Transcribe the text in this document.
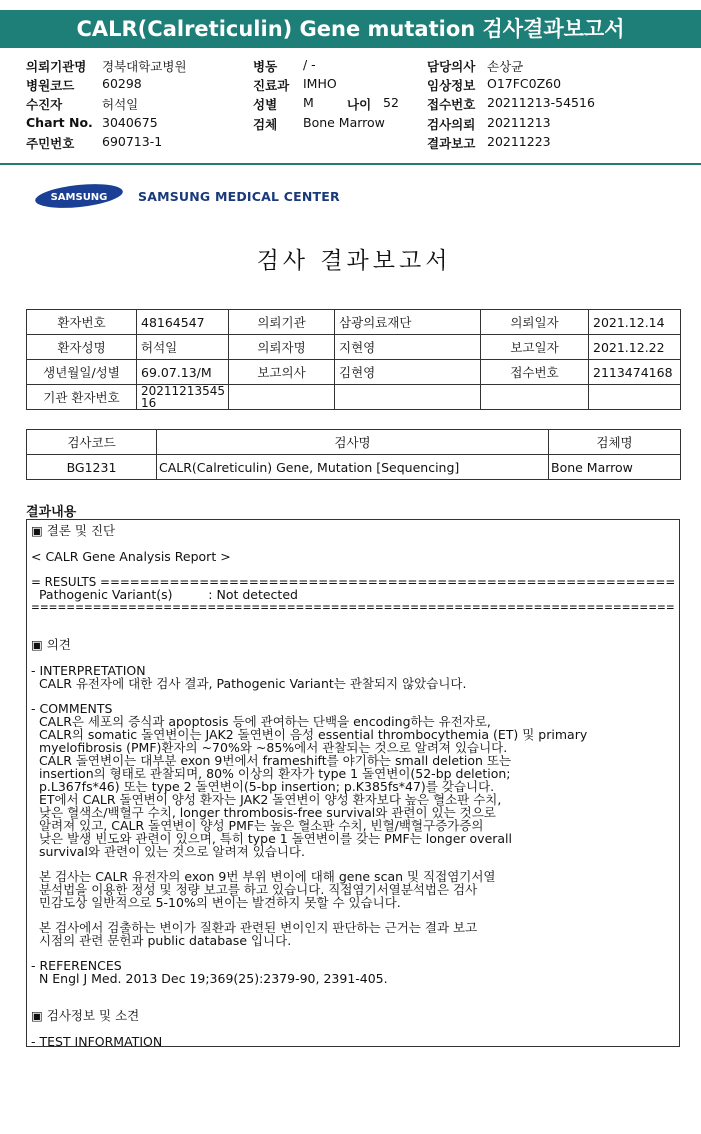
CALR(Calreticulin) Gene mutation 검사결과보고서
의뢰기관명 경북대학교병원
병원코드 60298
수진자	허석일
Chart No. 3040675
주민번호 690713-1
병동 / -
진료과 IMHO
성별 M	나이 52
검체 Bone Marrow
담당의사 손상균
임상정보 O17FC0Z60
접수번호 20211213-54516
검사의뢰 20211213
결과보고 20211223
SAMSUNG SAMSUNG MEDICAL CENTER
검사 결과보고서
환자번호	48164547	의뢰기관	삼광의료재단	의뢰일자	2021.12.14
환자성명	허석일	의뢰자명	지현영	보고일자	2021.12.22
생년월일/성별	69.07.13/M	보고의사	김현영	접수번호	2113474168
기관 환자번호	20211213545
16				
검사코드	검사명	검체명
BG1231	CALR(Calreticulin) Gene, Mutation [Sequencing]	Bone Marrow
결과내용
▣ 결론 및 진단
< CALR Gene Analysis Report >
= RESULTS ==========================================================
Pathogenic Variant(s)         : Not detected
=========================================================================
▣ 의견
- INTERPRETATION
CALR 유전자에 대한 검사 결과, Pathogenic Variant는 관찰되지 않았습니다.
- COMMENTS
CALR은 세포의 증식과 apoptosis 등에 관여하는 단백을 encoding하는 유전자로,
CALR의 somatic 돌연변이는 JAK2 돌연변이 음성 essential thrombocythemia (ET) 및 primary
myelofibrosis (PMF)환자의 ~70%와 ~85%에서 관찰되는 것으로 알려져 있습니다.
CALR 돌연변이는 대부분 exon 9번에서 frameshift를 야기하는 small deletion 또는
insertion의 형태로 관찰되며, 80% 이상의 환자가 type 1 돌연변이(52-bp deletion;
p.L367fs*46) 또는 type 2 돌연변이(5-bp insertion; p.K385fs*47)를 갖습니다.
ET에서 CALR 돌연변이 양성 환자는 JAK2 돌연변이 양성 환자보다 높은 혈소판 수치,
낮은 혈색소/백혈구 수치, longer thrombosis-free survival와 관련이 있는 것으로
알려져 있고, CALR 돌연변이 양성 PMF는 높은 혈소판 수치, 빈혈/백혈구증가증의
낮은 발생 빈도와 관련이 있으며, 특히 type 1 돌연변이를 갖는 PMF는 longer overall
survival와 관련이 있는 것으로 알려져 있습니다.
본 검사는 CALR 유전자의 exon 9번 부위 변이에 대해 gene scan 및 직접염기서열
분석법을 이용한 정성 및 정량 보고를 하고 있습니다. 직접염기서열분석법은 검사
민감도상 일반적으로 5-10%의 변이는 발견하지 못할 수 있습니다.
본 검사에서 검출하는 변이가 질환과 관련된 변이인지 판단하는 근거는 결과 보고
시점의 관련 문헌과 public database 입니다.
- REFERENCES
N Engl J Med. 2013 Dec 19;369(25):2379-90, 2391-405.
▣ 검사정보 및 소견
- TEST INFORMATION
